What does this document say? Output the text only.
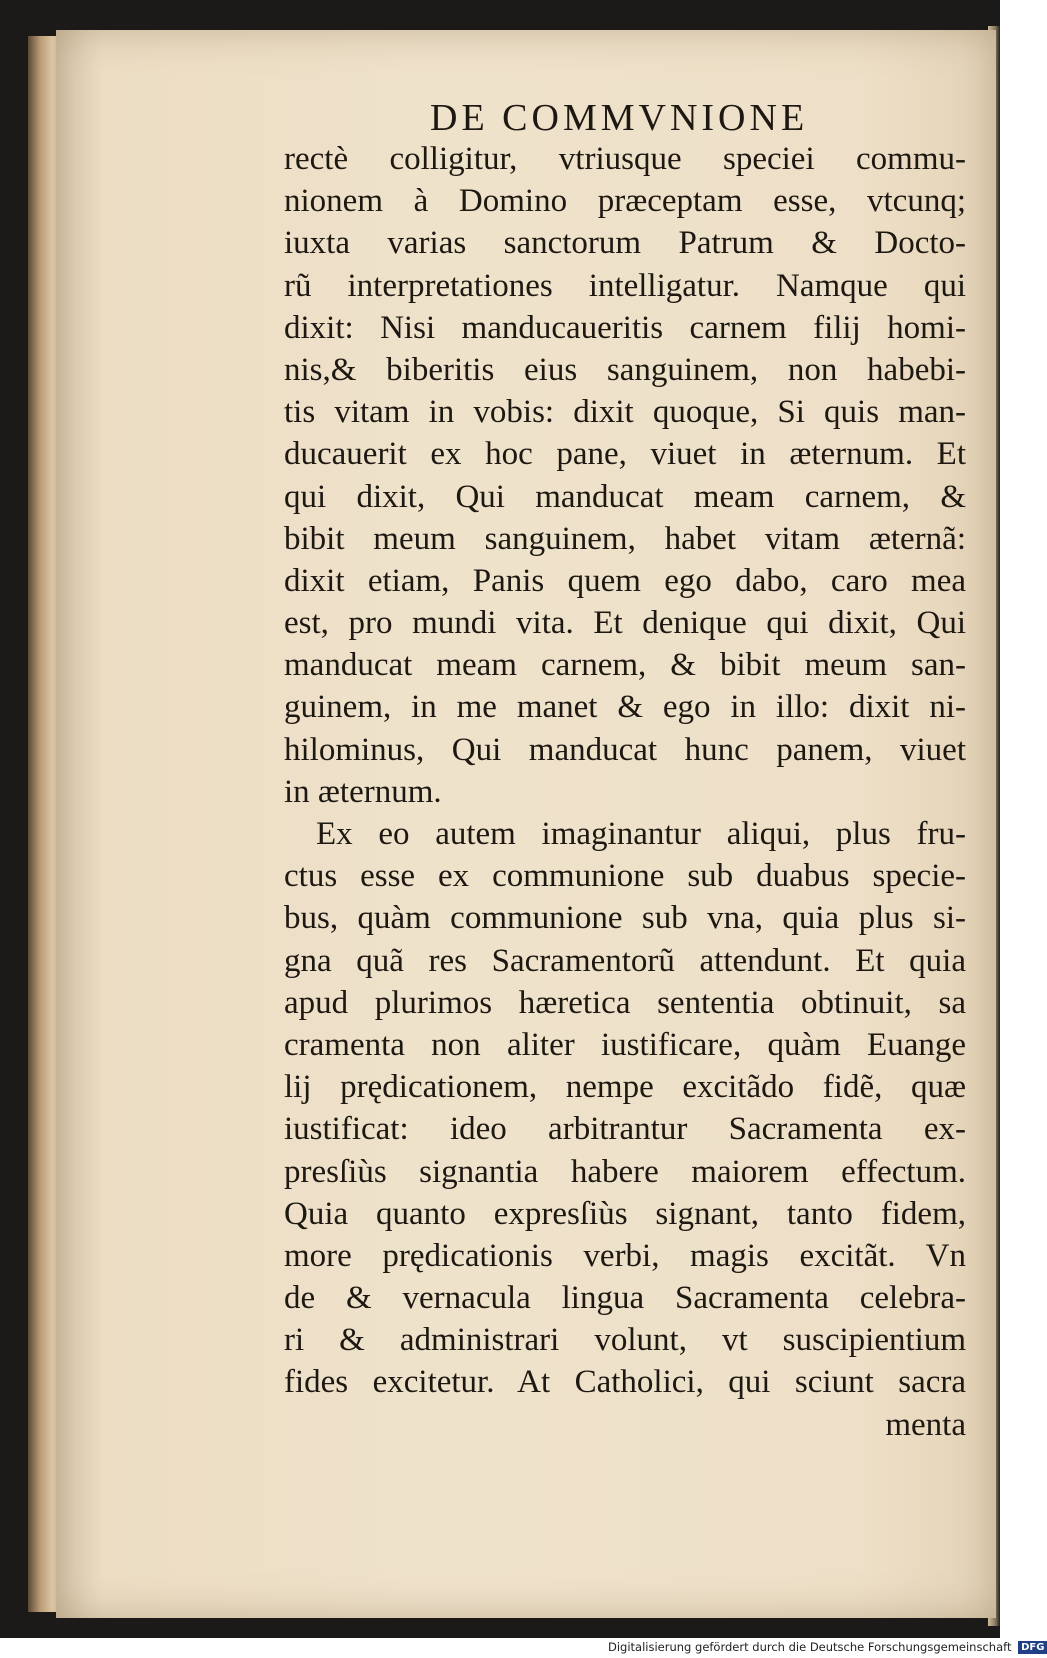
DE COMMVNIONE
rectè colligitur, vtriusque speciei commu-
nionem à Domino præceptam esse, vtcunq;
iuxta varias sanctorum Patrum & Docto-
rũ interpretationes intelligatur. Namque qui
dixit: Nisi manducaueritis carnem filij homi-
nis,& biberitis eius sanguinem, non habebi-
tis vitam in vobis: dixit quoque, Si quis man-
ducauerit ex hoc pane, viuet in æternum. Et
qui dixit, Qui manducat meam carnem, &
bibit meum sanguinem, habet vitam æternã:
dixit etiam, Panis quem ego dabo, caro mea
est, pro mundi vita. Et denique qui dixit, Qui
manducat meam carnem, & bibit meum san-
guinem, in me manet & ego in illo: dixit ni-
hilominus, Qui manducat hunc panem, viuet
in æternum.
Ex eo autem imaginantur aliqui, plus fru-
ctus esse ex communione sub duabus specie-
bus, quàm communione sub vna, quia plus si-
gna quã res Sacramentorũ attendunt. Et quia
apud plurimos hæretica sententia obtinuit, sa
cramenta non aliter iustificare, quàm Euange
lij prędicationem, nempe excitãdo fidẽ, quæ
iustificat: ideo arbitrantur Sacramenta ex-
presſiùs signantia habere maiorem effectum.
Quia quanto expresſiùs signant, tanto fidem,
more prędicationis verbi, magis excitãt. Vn
de & vernacula lingua Sacramenta celebra-
ri & administrari volunt, vt suscipientium
fides excitetur. At Catholici, qui sciunt sacra
menta
Digitalisierung gefördert durch die Deutsche Forschungsgemeinschaft DFG
